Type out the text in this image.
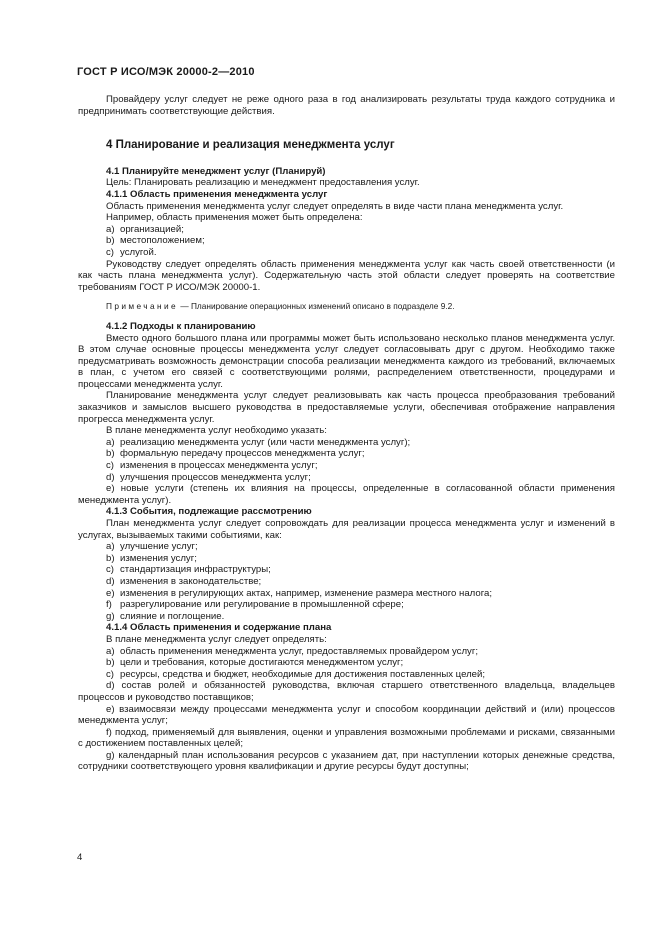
ГОСТ Р ИСО/МЭК 20000-2—2010

Провайдеру услуг следует не реже одного раза в год анализировать результаты труда каждого сотрудника и предпринимать соответствующие действия.

4 Планирование и реализация менеджмента услуг

4.1 Планируйте менеджмент услуг (Планируй)

Цель: Планировать реализацию и менеджмент предоставления услуг.

4.1.1 Область применения менеджмента услуг

Область применения менеджмента услуг следует определять в виде части плана менеджмента услуг.

Например, область применения может быть определена:

а) организацией;

b) местоположением;

с) услугой.

Руководству следует определять область применения менеджмента услуг как часть своей ответственности (и как часть плана менеджмента услуг). Содержательную часть этой области следует проверять на соответствие требованиям ГОСТ Р ИСО/МЭК 20000-1.

Примечание — Планирование операционных изменений описано в подразделе 9.2.

4.1.2 Подходы к планированию

Вместо одного большого плана или программы может быть использовано несколько планов менеджмента услуг. В этом случае основные процессы менеджмента услуг следует согласовывать друг с другом. Необходимо также предусматривать возможность демонстрации способа реализации менеджмента каждого из требований, включаемых в план, с учетом его связей с соответствующими ролями, распределением ответственности, процедурами и процессами менеджмента услуг.

Планирование менеджмента услуг следует реализовывать как часть процесса преобразования требований заказчиков и замыслов высшего руководства в предоставляемые услуги, обеспечивая отображение направления прогресса менеджмента услуг.

В плане менеджмента услуг необходимо указать:

а) реализацию менеджмента услуг (или части менеджмента услуг);

b) формальную передачу процессов менеджмента услуг;

с) изменения в процессах менеджмента услуг;

d) улучшения процессов менеджмента услуг;

е) новые услуги (степень их влияния на процессы, определенные в согласованной области применения менеджмента услуг).

4.1.3 События, подлежащие рассмотрению

План менеджмента услуг следует сопровождать для реализации процесса менеджмента услуг и изменений в услугах, вызываемых такими событиями, как:

а) улучшение услуг;

b) изменения услуг;

с) стандартизация инфраструктуры;

d) изменения в законодательстве;

е) изменения в регулирующих актах, например, изменение размера местного налога;

f) разрегулирование или регулирование в промышленной сфере;

g) слияние и поглощение.

4.1.4 Область применения и содержание плана

В плане менеджмента услуг следует определять:

а) область применения менеджмента услуг, предоставляемых провайдером услуг;

b) цели и требования, которые достигаются менеджментом услуг;

с) ресурсы, средства и бюджет, необходимые для достижения поставленных целей;

d) состав ролей и обязанностей руководства, включая старшего ответственного владельца, владельцев процессов и руководство поставщиков;

е) взаимосвязи между процессами менеджмента услуг и способом координации действий и (или) процессов менеджмента услуг;

f) подход, применяемый для выявления, оценки и управления возможными проблемами и рисками, связанными с достижением поставленных целей;

g) календарный план использования ресурсов с указанием дат, при наступлении которых денежные средства, сотрудники соответствующего уровня квалификации и другие ресурсы будут доступны;

4
